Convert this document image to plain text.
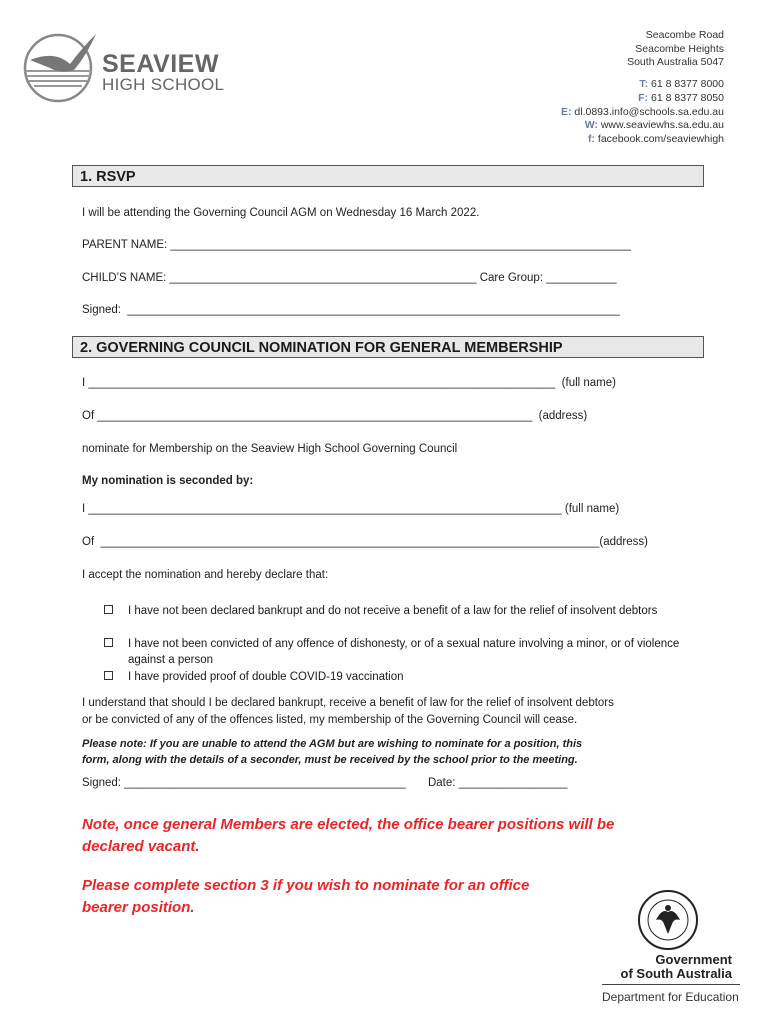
SEAVIEW
HIGH SCHOOL
Seacombe Road
Seacombe Heights
South Australia 5047
T: 61 8 8377 8000
F: 61 8 8377 8050
E: dl.0893.info@schools.sa.edu.au
W: www.seaviewhs.sa.edu.au
f: facebook.com/seaviewhigh
1. RSVP
I will be attending the Governing Council AGM on Wednesday 16 March 2022.
PARENT NAME: ________________________________________________________________________
CHILD’S NAME: ________________________________________________ Care Group: ___________
Signed:  _____________________________________________________________________________
2. GOVERNING COUNCIL NOMINATION FOR GENERAL MEMBERSHIP
I _________________________________________________________________________  (full name)
Of ____________________________________________________________________  (address)
nominate for Membership on the Seaview High School Governing Council
My nomination is seconded by:
I __________________________________________________________________________ (full name)
Of  ______________________________________________________________________________(address)
I accept the nomination and hereby declare that:
I have not been declared bankrupt and do not receive a benefit of a law for the relief of insolvent debtors
I have not been convicted of any offence of dishonesty, or of a sexual nature involving a minor, or of violence against a person
I have provided proof of double COVID-19 vaccination
I understand that should I be declared bankrupt, receive a benefit of law for the relief of insolvent debtors
or be convicted of any of the offences listed, my membership of the Governing Council will cease.
Please note: If you are unable to attend the AGM but are wishing to nominate for a position, this
form, along with the details of a seconder, must be received by the school prior to the meeting.
Signed: ____________________________________________       Date: _________________
Note, once general Members are elected, the office bearer positions will be declared vacant.
Please complete section 3 if you wish to nominate for an office bearer position.
Government
of South Australia
Department for Education
